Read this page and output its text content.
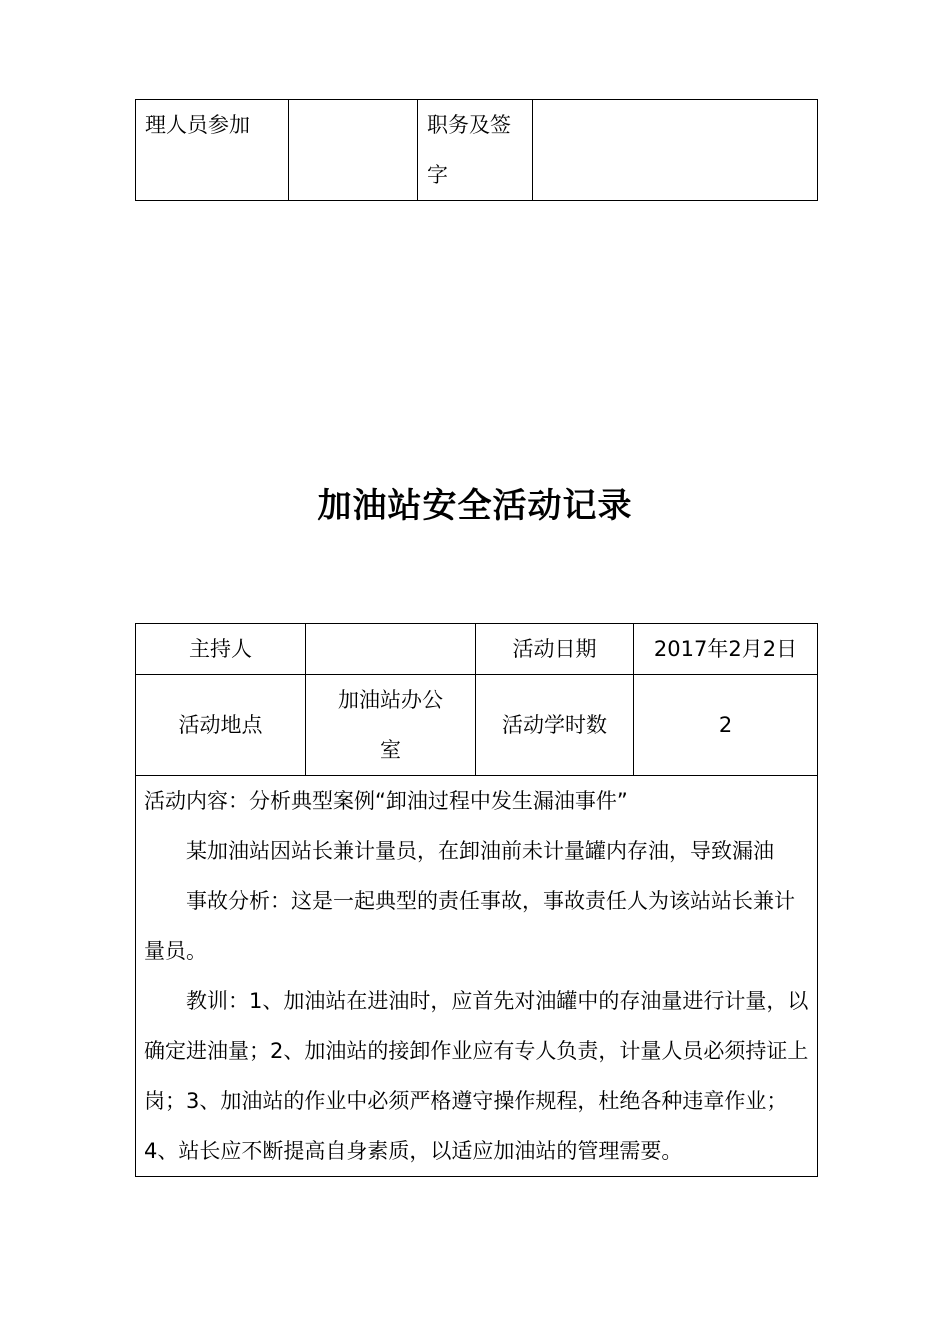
理人员参加		职务及签字	
加油站安全活动记录
主持人		活动日期	2017年2月2日
活动地点	加油站办公室	活动学时数	2

活动内容：分析典型案例“卸油过程中发生漏油事件”

某加油站因站长兼计量员，在卸油前未计量罐内存油，导致漏油

事故分析：这是一起典型的责任事故，事故责任人为该站站长兼计量员。

教训：1、加油站在进油时，应首先对油罐中的存油量进行计量，以确定进油量；2、加油站的接卸作业应有专人负责，计量人员必须持证上岗；3、加油站的作业中必须严格遵守操作规程，杜绝各种违章作业；4、站长应不断提高自身素质，以适应加油站的管理需要。			
